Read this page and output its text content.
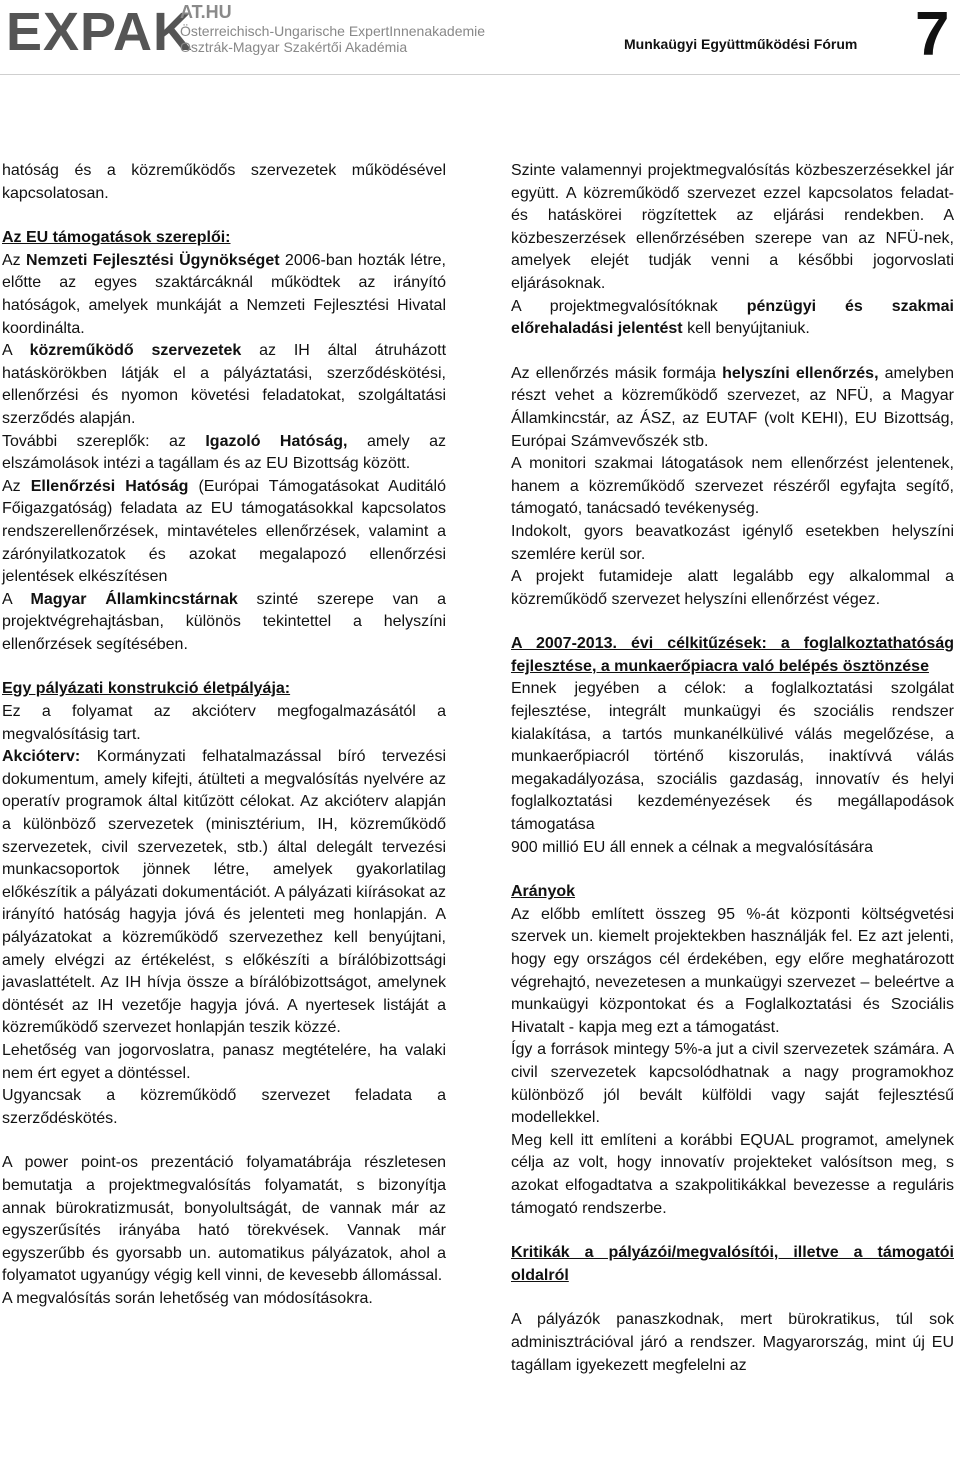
EXPAK
AT.HU
Österreichisch-Ungarische ExpertInnenakademie
Osztrák-Magyar Szakértői Akadémia	Munkaügyi Együttműködési Fórum 7

hatóság és a közreműködős szervezetek működésével kapcsolatosan.

Az EU támogatások szereplői:

Az Nemzeti Fejlesztési Ügynökséget 2006-ban hozták létre, előtte az egyes szaktárcáknál működtek az irányító hatóságok, amelyek munkáját a Nemzeti Fejlesztési Hivatal koordinálta.

A közreműködő szervezetek az IH által átruházott hatáskörökben látják el a pályáztatási, szerződéskötési, ellenőrzési és nyomon követési feladatokat, szolgáltatási szerződés alapján.

További szereplők: az Igazoló Hatóság, amely az elszámolások intézi a tagállam és az EU Bizottság között.

Az Ellenőrzési Hatóság (Európai Támogatásokat Auditáló Főigazgatóság) feladata az EU támogatásokkal kapcsolatos rendszerellenőrzések, mintavételes ellenőrzések, valamint a zárónyilatkozatok és azokat megalapozó ellenőrzési jelentések elkészítésen

A Magyar Államkincstárnak szinté szerepe van a projektvégrehajtásban, különös tekintettel a helyszíni ellenőrzések segítésében.

Egy pályázati konstrukció életpályája:

Ez a folyamat az akcióterv megfogalmazásától a megvalósításig tart.

Akcióterv: Kormányzati felhatalmazással bíró tervezési dokumentum, amely kifejti, átülteti a megvalósítás nyelvére az operatív programok által kitűzött célokat. Az akcióterv alapján a különböző szervezetek (minisztérium, IH, közreműködő szervezetek, civil szervezetek, stb.) által delegált tervezési munkacsoportok jönnek létre, amelyek gyakorlatilag előkészítik a pályázati dokumentációt. A pályázati kiírásokat az irányító hatóság hagyja jóvá és jelenteti meg honlapján. A pályázatokat a közreműködő szervezethez kell benyújtani, amely elvégzi az értékelést, s előkészíti a bírálóbizottsági javaslattételt. Az IH hívja össze a bírálóbizottságot, amelynek döntését az IH vezetője hagyja jóvá. A nyertesek listáját a közreműködő szervezet honlapján teszik közzé.

Lehetőség van jogorvoslatra, panasz megtételére, ha valaki nem ért egyet a döntéssel.

Ugyancsak a közreműködő szervezet feladata a szerződéskötés.

A power point-os prezentáció folyamatábrája részletesen bemutatja a projektmegvalósítás folyamatát, s bizonyítja annak bürokratizmusát, bonyolultságát, de vannak már az egyszerűsítés irányába ható törekvések. Vannak már egyszerűbb és gyorsabb un. automatikus pályázatok, ahol a folyamatot ugyanúgy végig kell vinni, de kevesebb állomással.

A megvalósítás során lehetőség van módosításokra.

Szinte valamennyi projektmegvalósítás közbeszerzésekkel jár együtt. A közreműködő szervezet ezzel kapcsolatos feladat- és hatáskörei rögzítettek az eljárási rendekben. A közbeszerzések ellenőrzésében szerepe van az NFÜ-nek, amelyek elejét tudják venni a későbbi jogorvoslati eljárásoknak.

A projektmegvalósítóknak pénzügyi és szakmai előrehaladási jelentést kell benyújtaniuk.

Az ellenőrzés másik formája helyszíni ellenőrzés, amelyben részt vehet a közreműködő szervezet, az NFÜ, a Magyar Államkincstár, az ÁSZ, az EUTAF (volt KEHI), EU Bizottság, Európai Számvevőszék stb.

A monitori szakmai látogatások nem ellenőrzést jelentenek, hanem a közreműködő szervezet részéről egyfajta segítő, támogató, tanácsadó tevékenység.

Indokolt, gyors beavatkozást igénylő esetekben helyszíni szemlére kerül sor.

A projekt futamideje alatt legalább egy alkalommal a közreműködő szervezet helyszíni ellenőrzést végez.

A 2007-2013. évi célkitűzések: a foglalkoztathatóság fejlesztése, a munkaerőpiacra való belépés ösztönzése

Ennek jegyében a célok: a foglalkoztatási szolgálat fejlesztése, integrált munkaügyi és szociális rendszer kialakítása, a tartós munkanélkülivé válás megelőzése, a munkaerőpiacról történő kiszorulás, inaktívvá válás megakadályozása, szociális gazdaság, innovatív és helyi foglalkoztatási kezdeményezések és megállapodások támogatása

900 millió EU áll ennek a célnak a megvalósítására

Arányok

Az előbb említett összeg 95 %-át központi költségvetési szervek un. kiemelt projektekben használják fel. Ez azt jelenti, hogy egy országos cél érdekében, egy előre meghatározott végrehajtó, nevezetesen a munkaügyi szervezet – beleértve a munkaügyi központokat és a Foglalkoztatási és Szociális Hivatalt - kapja meg ezt a támogatást.

Így a források mintegy 5%-a jut a civil szervezetek számára. A civil szervezetek kapcsolódhatnak a nagy programokhoz különböző jól bevált külföldi vagy saját fejlesztésű modellekkel.

Meg kell itt említeni a korábbi EQUAL programot, amelynek célja az volt, hogy innovatív projekteket valósítson meg, s azokat elfogadtatva a szakpolitikákkal bevezesse a reguláris támogató rendszerbe.

Kritikák a pályázói/megvalósítói, illetve a támogatói oldalról

A pályázók panaszkodnak, mert bürokratikus, túl sok adminisztrációval járó a rendszer. Magyarország, mint új EU tagállam igyekezett megfelelni az
